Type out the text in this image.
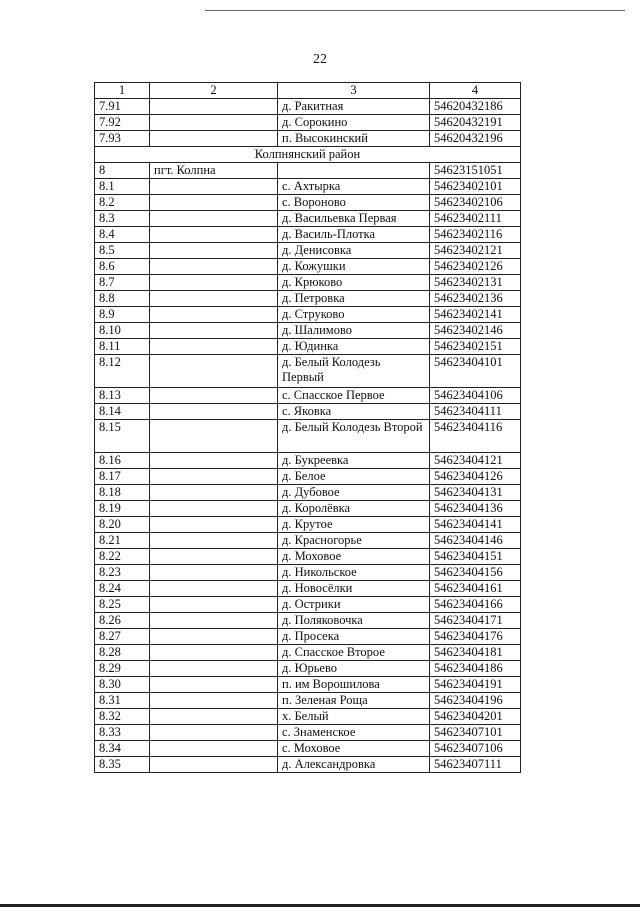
22
1	2	3	4
7.91		д. Ракитная	54620432186
7.92		д. Сорокино	54620432191
7.93		п. Высокинский	54620432196
Колпнянский район			
8	пгт. Колпна		54623151051
8.1		с. Ахтырка	54623402101
8.2		с. Вороново	54623402106
8.3		д. Васильевка Первая	54623402111
8.4		д. Василь-Плотка	54623402116
8.5		д. Денисовка	54623402121
8.6		д. Кожушки	54623402126
8.7		д. Крюково	54623402131
8.8		д. Петровка	54623402136
8.9		д. Струково	54623402141
8.10		д. Шалимово	54623402146
8.11		д. Юдинка	54623402151
8.12		д. Белый Колодезь Первый	54623404101
8.13		с. Спасское Первое	54623404106
8.14		с. Яковка	54623404111
8.15		д. Белый Колодезь Второй	54623404116
8.16		д. Букреевка	54623404121
8.17		д. Белое	54623404126
8.18		д. Дубовое	54623404131
8.19		д. Королёвка	54623404136
8.20		д. Крутое	54623404141
8.21		д. Красногорье	54623404146
8.22		д. Моховое	54623404151
8.23		д. Никольское	54623404156
8.24		д. Новосёлки	54623404161
8.25		д. Острики	54623404166
8.26		д. Поляковочка	54623404171
8.27		д. Просека	54623404176
8.28		д. Спасское Второе	54623404181
8.29		д. Юрьево	54623404186
8.30		п. им Ворошилова	54623404191
8.31		п. Зеленая Роща	54623404196
8.32		х. Белый	54623404201
8.33		с. Знаменское	54623407101
8.34		с. Моховое	54623407106
8.35		д. Александровка	54623407111
